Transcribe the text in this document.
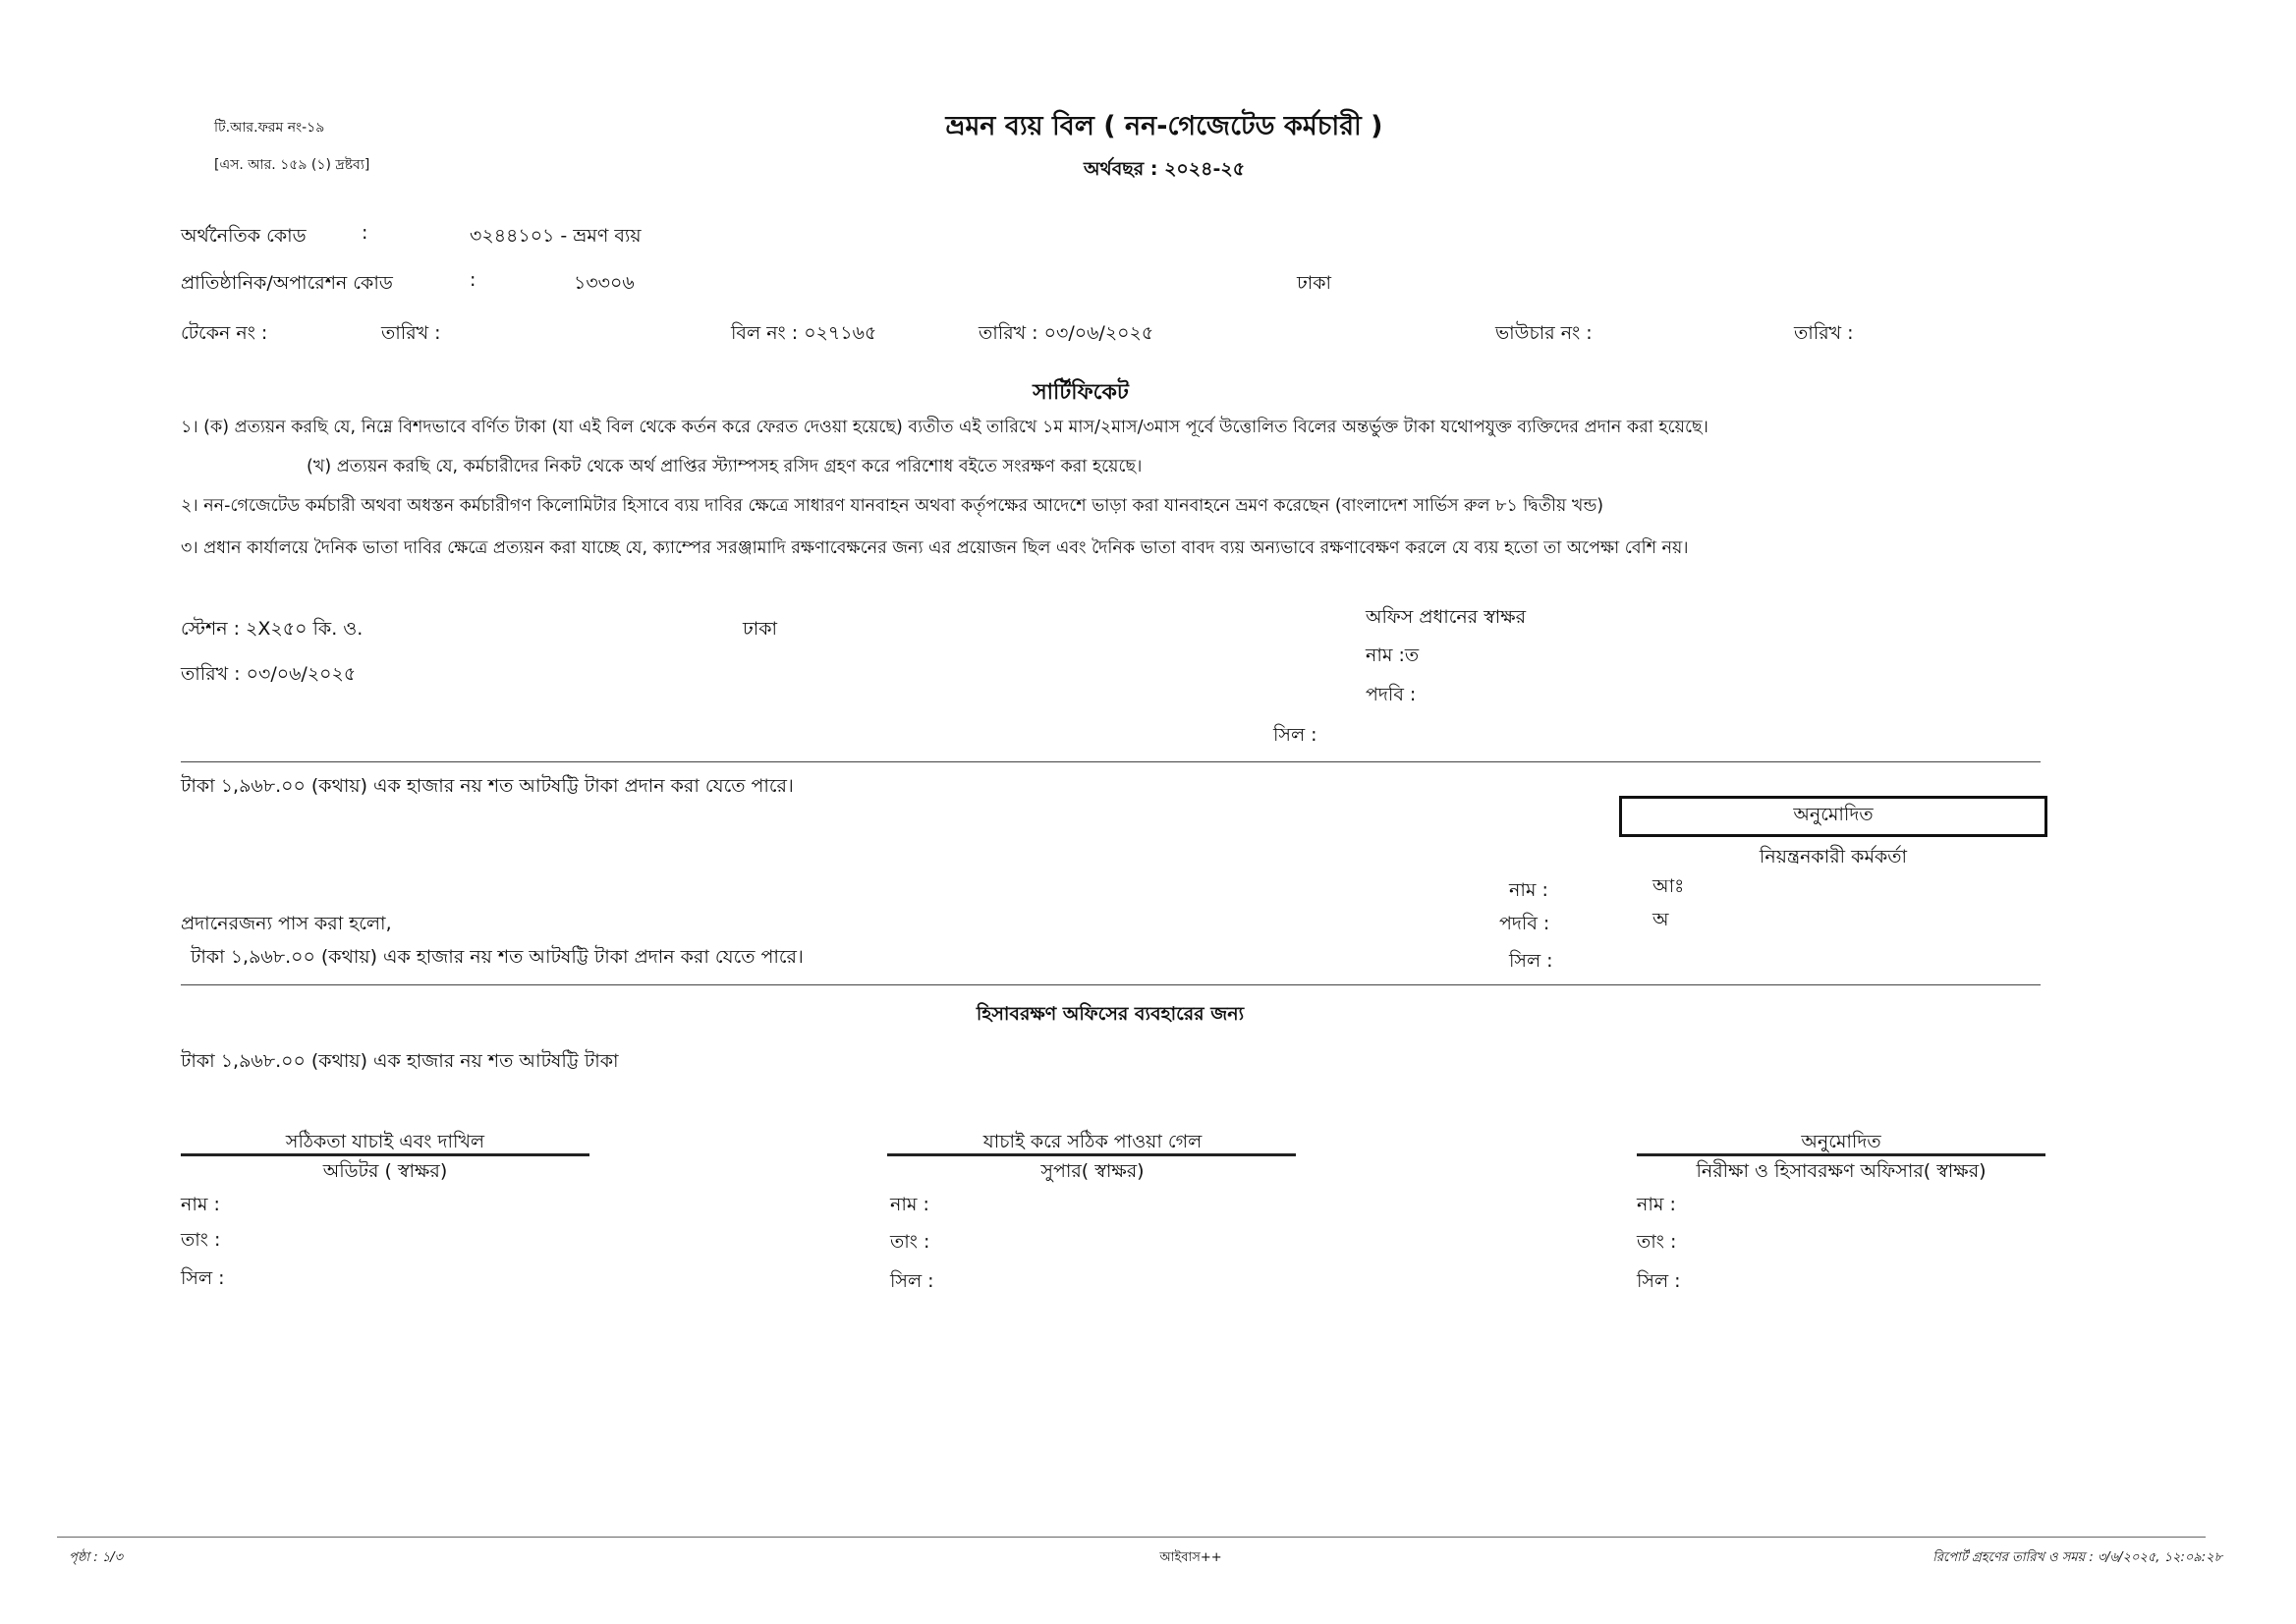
টি.আর.ফরম নং-১৯
[এস. আর. ১৫৯ (১) দ্রষ্টব্য]
ভ্রমন ব্যয় বিল ( নন-গেজেটেড কর্মচারী )
অর্থবছর : ২০২৪-২৫
অর্থনৈতিক কোড	:	৩২৪৪১০১ - ভ্রমণ ব্যয়
প্রাতিষ্ঠানিক/অপারেশন কোড	:	১৩৩০৬	ঢাকা
টেকেন নং :	তারিখ :	বিল নং : ০২৭১৬৫	তারিখ : ০৩/০৬/২০২৫	ভাউচার নং :	তারিখ :
সার্টিফিকেট
১। (ক) প্রত্যয়ন করছি যে, নিম্নে বিশদভাবে বর্ণিত টাকা (যা এই বিল থেকে কর্তন করে ফেরত দেওয়া হয়েছে) ব্যতীত এই তারিখে ১ম মাস/২মাস/৩মাস পূর্বে উত্তোলিত বিলের অন্তর্ভুক্ত টাকা যথোপযুক্ত ব্যক্তিদের প্রদান করা হয়েছে।
(খ) প্রত্যয়ন করছি যে, কর্মচারীদের নিকট থেকে অর্থ প্রাপ্তির স্ট্যাম্পসহ রসিদ গ্রহণ করে পরিশোধ বইতে সংরক্ষণ করা হয়েছে।
২। নন-গেজেটেড কর্মচারী অথবা অধস্তন কর্মচারীগণ কিলোমিটার হিসাবে ব্যয় দাবির ক্ষেত্রে সাধারণ যানবাহন অথবা কর্তৃপক্ষের আদেশে ভাড়া করা যানবাহনে ভ্রমণ করেছেন (বাংলাদেশ সার্ভিস রুল ৮১ দ্বিতীয় খন্ড)
৩। প্রধান কার্যালয়ে দৈনিক ভাতা দাবির ক্ষেত্রে প্রত্যয়ন করা যাচ্ছে যে, ক্যাম্পের সরঞ্জামাদি রক্ষণাবেক্ষনের জন্য এর প্রয়োজন ছিল এবং দৈনিক ভাতা বাবদ ব্যয় অন্যভাবে রক্ষণাবেক্ষণ করলে যে ব্যয় হতো তা অপেক্ষা বেশি নয়।
স্টেশন : ২X২৫০ কি. ও.	ঢাকা
তারিখ : ০৩/০৬/২০২৫
অফিস প্রধানের স্বাক্ষর
নাম :ত
পদবি :
সিল :
টাকা ১,৯৬৮.০০ (কথায়) এক হাজার নয় শত আটষট্টি টাকা প্রদান করা যেতে পারে।
অনুমোদিত
নিয়ন্ত্রনকারী কর্মকর্তা
নাম :	আঃ
পদবি :	অ
সিল :
প্রদানেরজন্য পাস করা হলো,
টাকা ১,৯৬৮.০০ (কথায়) এক হাজার নয় শত আটষট্টি টাকা প্রদান করা যেতে পারে।
হিসাবরক্ষণ অফিসের ব্যবহারের জন্য
টাকা ১,৯৬৮.০০ (কথায়) এক হাজার নয় শত আটষট্টি টাকা
সঠিকতা যাচাই এবং দাখিল
অডিটর ( স্বাক্ষর)
নাম :
তাং :
সিল :
যাচাই করে সঠিক পাওয়া গেল
সুপার( স্বাক্ষর)
নাম :
তাং :
সিল :
অনুমোদিত
নিরীক্ষা ও হিসাবরক্ষণ অফিসার( স্বাক্ষর)
নাম :
তাং :
সিল :
পৃষ্ঠা : ১/৩	আইবাস++	রিপোর্ট গ্রহণের তারিখ ও সময় : ৩/৬/২০২৫, ১২:০৯:২৮
